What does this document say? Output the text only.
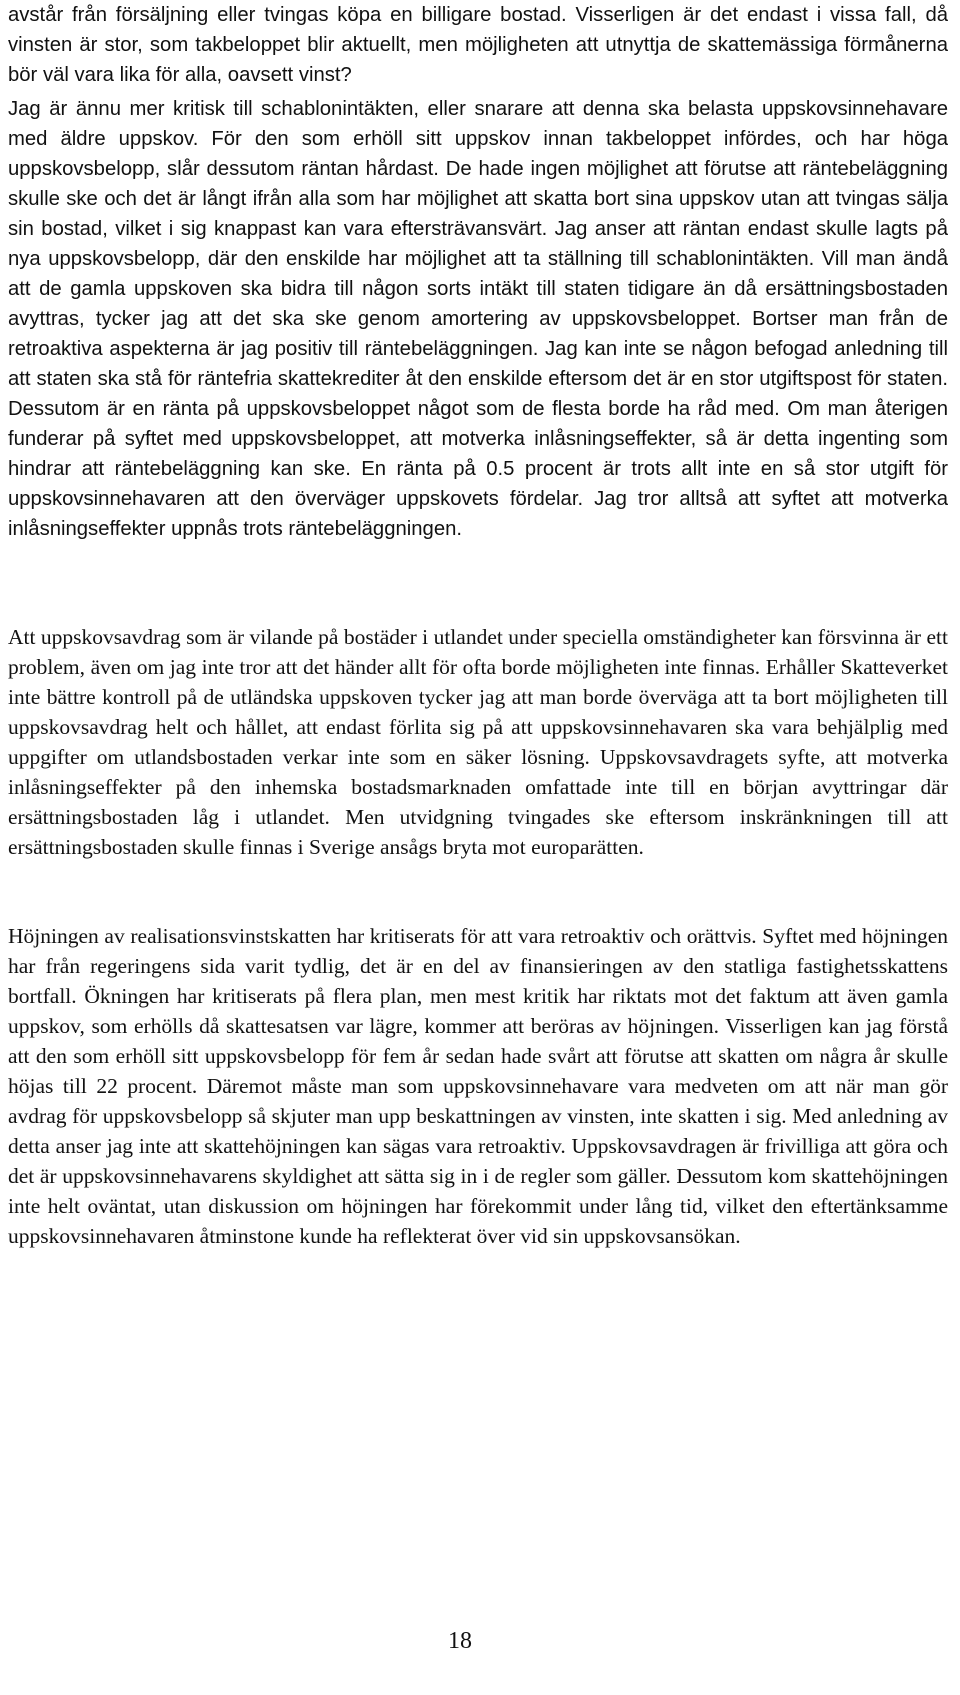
avstår från försäljning eller tvingas köpa en billigare bostad. Visserligen är det endast i vissa fall, då vinsten är stor, som takbeloppet blir aktuellt, men möjligheten att utnyttja de skattemässiga förmånerna bör väl vara lika för alla, oavsett vinst?

Jag är ännu mer kritisk till schablonintäkten, eller snarare att denna ska belasta uppskovsinnehavare med äldre uppskov. För den som erhöll sitt uppskov innan takbeloppet infördes, och har höga uppskovsbelopp, slår dessutom räntan hårdast. De hade ingen möjlighet att förutse att räntebeläggning skulle ske och det är långt ifrån alla som har möjlighet att skatta bort sina uppskov utan att tvingas sälja sin bostad, vilket i sig knappast kan vara eftersträvansvärt. Jag anser att räntan endast skulle lagts på nya uppskovsbelopp, där den enskilde har möjlighet att ta ställning till schablonintäkten. Vill man ändå att de gamla uppskoven ska bidra till någon sorts intäkt till staten tidigare än då ersättningsbostaden avyttras, tycker jag att det ska ske genom amortering av uppskovsbeloppet. Bortser man från de retroaktiva aspekterna är jag positiv till räntebeläggningen. Jag kan inte se någon befogad anledning till att staten ska stå för räntefria skattekrediter åt den enskilde eftersom det är en stor utgiftspost för staten. Dessutom är en ränta på uppskovsbeloppet något som de flesta borde ha råd med. Om man återigen funderar på syftet med uppskovsbeloppet, att motverka inlåsningseffekter, så är detta ingenting som hindrar att räntebeläggning kan ske. En ränta på 0.5 procent är trots allt inte en så stor utgift för uppskovsinnehavaren att den överväger uppskovets fördelar. Jag tror alltså att syftet att motverka inlåsningseffekter uppnås trots räntebeläggningen.

Att uppskovsavdrag som är vilande på bostäder i utlandet under speciella omständigheter kan försvinna är ett problem, även om jag inte tror att det händer allt för ofta borde möjligheten inte finnas. Erhåller Skatteverket inte bättre kontroll på de utländska uppskoven tycker jag att man borde överväga att ta bort möjligheten till uppskovsavdrag helt och hållet, att endast förlita sig på att uppskovsinnehavaren ska vara behjälplig med uppgifter om utlandsbostaden verkar inte som en säker lösning. Uppskovsavdragets syfte, att motverka inlåsningseffekter på den inhemska bostadsmarknaden omfattade inte till en början avyttringar där ersättningsbostaden låg i utlandet. Men utvidgning tvingades ske eftersom inskränkningen till att ersättningsbostaden skulle finnas i Sverige ansågs bryta mot europarätten.

Höjningen av realisationsvinstskatten har kritiserats för att vara retroaktiv och orättvis. Syftet med höjningen har från regeringens sida varit tydlig, det är en del av finansieringen av den statliga fastighetsskattens bortfall. Ökningen har kritiserats på flera plan, men mest kritik har riktats mot det faktum att även gamla uppskov, som erhölls då skattesatsen var lägre, kommer att beröras av höjningen. Visserligen kan jag förstå att den som erhöll sitt uppskovsbelopp för fem år sedan hade svårt att förutse att skatten om några år skulle höjas till 22 procent. Däremot måste man som uppskovsinnehavare vara medveten om att när man gör avdrag för uppskovsbelopp så skjuter man upp beskattningen av vinsten, inte skatten i sig. Med anledning av detta anser jag inte att skattehöjningen kan sägas vara retroaktiv. Uppskovsavdragen är frivilliga att göra och det är uppskovsinnehavarens skyldighet att sätta sig in i de regler som gäller. Dessutom kom skattehöjningen inte helt oväntat, utan diskussion om höjningen har förekommit under lång tid, vilket den eftertänksamme uppskovsinnehavaren åtminstone kunde ha reflekterat över vid sin uppskovsansökan.

18
